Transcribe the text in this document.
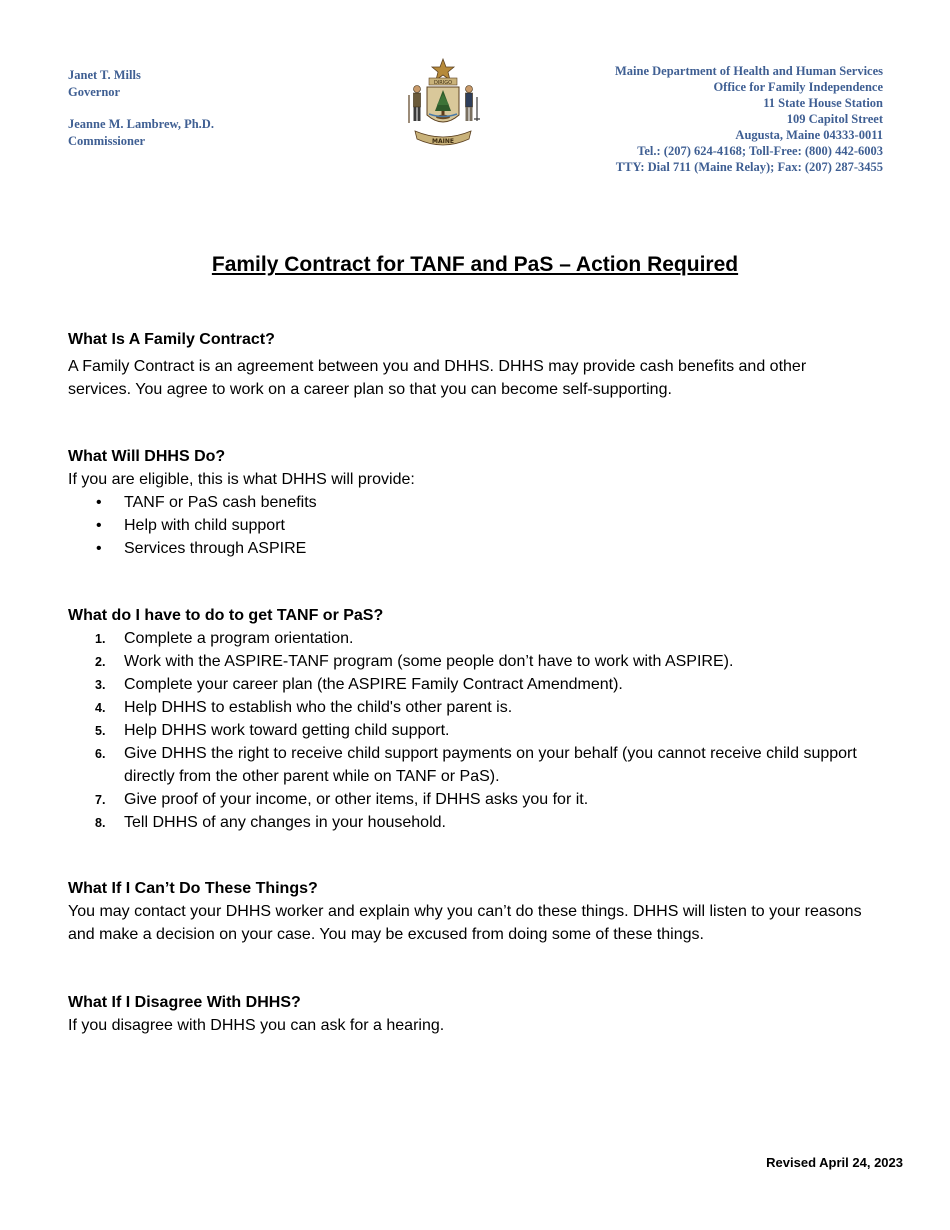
Janet T. Mills
Governor
Jeanne M. Lambrew, Ph.D.
Commissioner
DIRIGO
MAINE
Maine Department of Health and Human Services
Office for Family Independence
11 State House Station
109 Capitol Street
Augusta, Maine 04333-0011
Tel.: (207) 624-4168; Toll-Free: (800) 442-6003
TTY: Dial 711 (Maine Relay); Fax: (207) 287-3455
Family Contract for TANF and PaS – Action Required
What Is A Family Contract?

A Family Contract is an agreement between you and DHHS. DHHS may provide cash benefits and other services. You agree to work on a career plan so that you can become self-supporting.

What Will DHHS Do?

If you are eligible, this is what DHHS will provide:

• TANF or PaS cash benefits
• Help with child support
• Services through ASPIRE
What do I have to do to get TANF or PaS?
1. Complete a program orientation.
2. Work with the ASPIRE-TANF program (some people don’t have to work with ASPIRE).
3. Complete your career plan (the ASPIRE Family Contract Amendment).
4. Help DHHS to establish who the child's other parent is.
5. Help DHHS work toward getting child support.
6. Give DHHS the right to receive child support payments on your behalf (you cannot receive child support directly from the other parent while on TANF or PaS).
7. Give proof of your income, or other items, if DHHS asks you for it.
8. Tell DHHS of any changes in your household.
What If I Can’t Do These Things?

You may contact your DHHS worker and explain why you can’t do these things. DHHS will listen to your reasons and make a decision on your case. You may be excused from doing some of these things.

What If I Disagree With DHHS?

If you disagree with DHHS you can ask for a hearing.

Revised April 24, 2023
